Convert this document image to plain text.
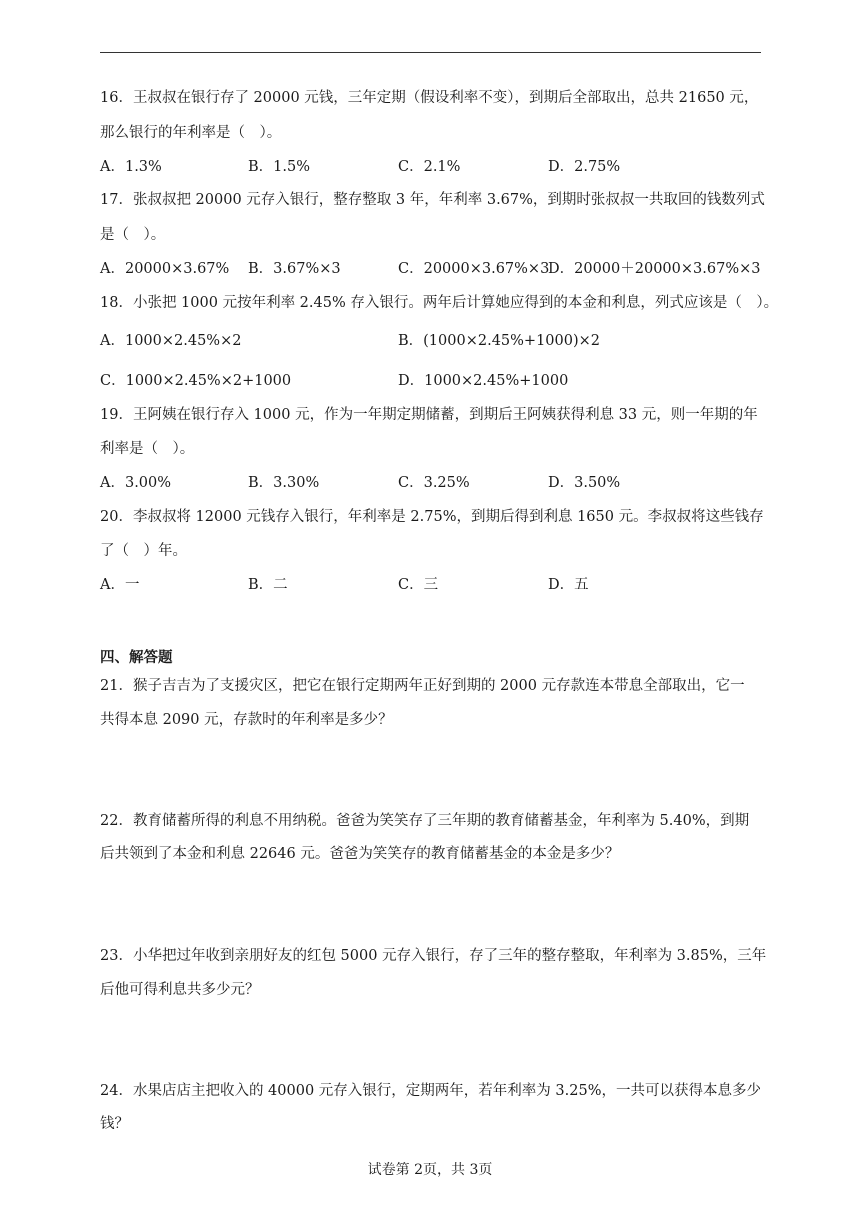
16．王叔叔在银行存了 20000 元钱，三年定期（假设利率不变），到期后全部取出，总共 21650 元，
那么银行的年利率是（　）。
A．1.3%	B．1.5%	C．2.1%	D．2.75%
17．张叔叔把 20000 元存入银行，整存整取 3 年，年利率 3.67%，到期时张叔叔一共取回的钱数列式
是（　）。
A．20000×3.67% B．3.67%×3	C．20000×3.67%×3
D．20000＋20000×3.67%×3
18．小张把 1000 元按年利率 2.45% 存入银行。两年后计算她应得到的本金和利息，列式应该是（　）。
A．1000×2.45%×2	B．(1000×2.45%+1000)×2
C．1000×2.45%×2+1000	D．1000×2.45%+1000
19．王阿姨在银行存入 1000 元，作为一年期定期储蓄，到期后王阿姨获得利息 33 元，则一年期的年
利率是（　）。
A．3.00%	B．3.30%	C．3.25%	D．3.50%
20．李叔叔将 12000 元钱存入银行，年利率是 2.75%，到期后得到利息 1650 元。李叔叔将这些钱存
了（　）年。
A．一	B．二	C．三	D．五
四、解答题
21．猴子吉吉为了支援灾区，把它在银行定期两年正好到期的 2000 元存款连本带息全部取出，它一
共得本息 2090 元，存款时的年利率是多少？
22．教育储蓄所得的利息不用纳税。爸爸为笑笑存了三年期的教育储蓄基金，年利率为 5.40%，到期
后共领到了本金和利息 22646 元。爸爸为笑笑存的教育储蓄基金的本金是多少？
23．小华把过年收到亲朋好友的红包 5000 元存入银行，存了三年的整存整取，年利率为 3.85%，三年
后他可得利息共多少元？
24．水果店店主把收入的 40000 元存入银行，定期两年，若年利率为 3.25%，一共可以获得本息多少
钱？
试卷第 2页，共 3页
